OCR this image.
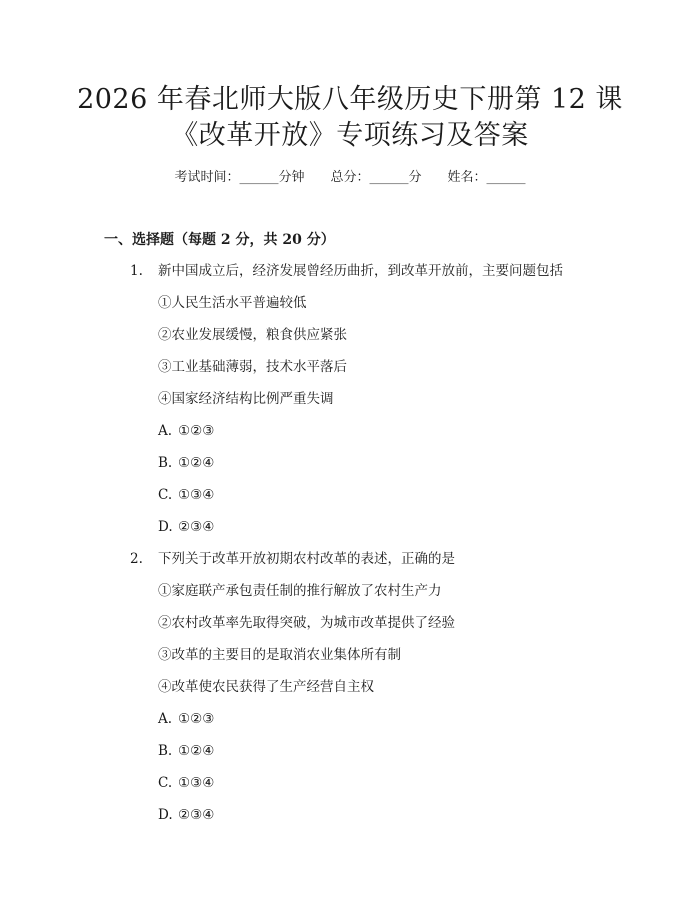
2026 年春北师大版八年级历史下册第 12 课
《改革开放》专项练习及答案
考试时间：______分钟 总分：______分 姓名：______
一、选择题（每题 2 分，共 20 分）
1. 新中国成立后，经济发展曾经历曲折，到改革开放前，主要问题包括
①人民生活水平普遍较低
②农业发展缓慢，粮食供应紧张
③工业基础薄弱，技术水平落后
④国家经济结构比例严重失调
A. ①②③
B. ①②④
C. ①③④
D. ②③④
2. 下列关于改革开放初期农村改革的表述，正确的是
①家庭联产承包责任制的推行解放了农村生产力
②农村改革率先取得突破，为城市改革提供了经验
③改革的主要目的是取消农业集体所有制
④改革使农民获得了生产经营自主权
A. ①②③
B. ①②④
C. ①③④
D. ②③④
